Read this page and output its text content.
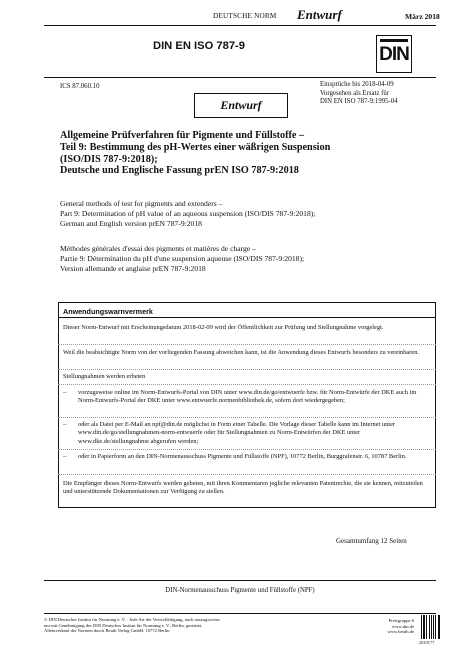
DEUTSCHE NORM Entwurf	März 2018
DIN EN ISO 787-9	DIN
ICS 87.060.10	Einsprüche bis 2018-04-09
Vorgesehen als Ersatz für
DIN EN ISO 787-9:1995-04
Entwurf
Allgemeine Prüfverfahren für Pigmente und Füllstoffe –
Teil 9: Bestimmung des pH-Wertes einer wäßrigen Suspension
(ISO/DIS 787-9:2018);
Deutsche und Englische Fassung prEN ISO 787-9:2018
General methods of test for pigments and extenders –
Part 9: Determination of pH value of an aqueous suspension (ISO/DIS 787-9:2018);
German and English version prEN 787-9:2018
Méthodes générales d'essai des pigments et matières de charge –
Partie 9: Détermination du pH d'une suspension aqueuse (ISO/DIS 787-9:2018);
Version allemande et anglaise prEN 787-9:2018
Anwendungswarnvermerk
Dieser Norm-Entwurf mit Erscheinungsdatum 2018-02-09 wird der Öffentlichkeit zur Prüfung und Stellungnahme vorgelegt.
Weil die beabsichtigte Norm von der vorliegenden Fassung abweichen kann, ist die Anwendung dieses Entwurfs besonders zu vereinbaren.
Stellungnahmen werden erbeten
– vorzugsweise online im Norm-Entwurfs-Portal von DIN unter www.din.de/go/entwuerfe bzw. für Norm-Entwürfe der DKE auch im Norm-Entwurfs-Portal der DKE unter www.entwuerfe.normenbibliothek.de, sofern dort wiedergegeben;
– oder als Datei per E-Mail an npf@din.de möglichst in Form einer Tabelle. Die Vorlage dieser Tabelle kann im Internet unter www.din.de/go/stellungnahmen-norm-entwuerfe oder für Stellungnahmen zu Norm-Entwürfen der DKE unter www.dke.de/stellungnahme abgerufen werden;
– oder in Papierform an den DIN-Normenausschuss Pigmente und Füllstoffe (NPF), 10772 Berlin, Burggrafenstr. 6, 10787 Berlin.
Die Empfänger dieses Norm-Entwurfs werden gebeten, mit ihren Kommentaren jegliche relevanten Patentrechte, die sie kennen, mitzuteilen und unterstützende Dokumentationen zur Verfügung zu stellen.
Gesamtumfang 12 Seiten
DIN-Normenausschuss Pigmente und Füllstoffe (NPF)
© DIN Deutsches Institut für Normung e. V. · Jede Art der Vervielfältigung, auch auszugsweise,
nur mit Genehmigung des DIN Deutsches Institut für Normung e. V., Berlin, gestattet.
Alleinverkauf der Normen durch Beuth Verlag GmbH, 10772 Berlin
Preisgruppe 6
www.din.de
www.beuth.de
2810177
